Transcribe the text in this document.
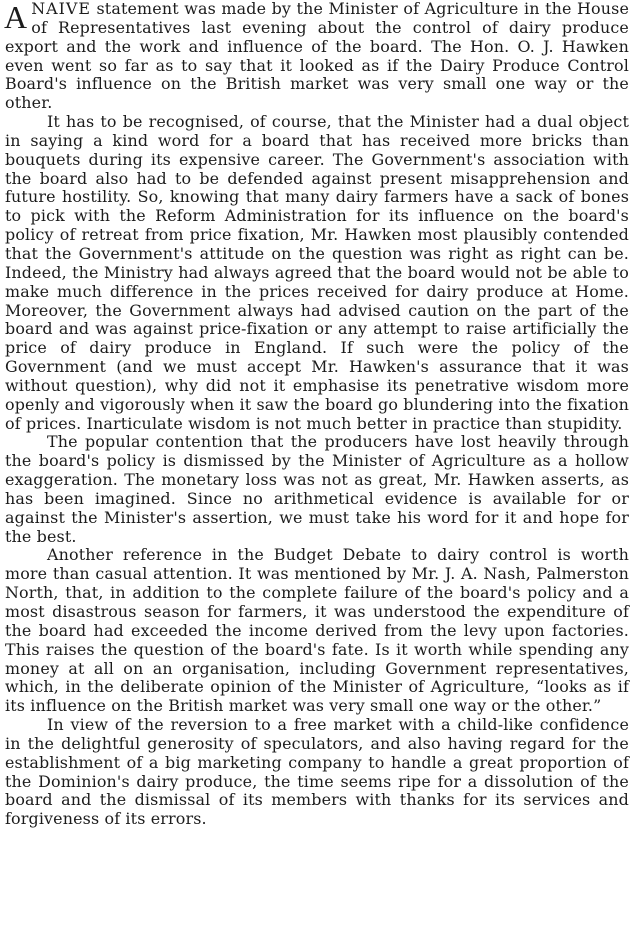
ANAIVE statement was made by the Minister of Agriculture in the House of Representatives last evening about the control of dairy produce export and the work and influence of the board. The Hon. O. J. Hawken even went so far as to say that it looked as if the Dairy Produce Control Board's influence on the British market was very small one way or the other.

It has to be recognised, of course, that the Minister had a dual object in saying a kind word for a board that has received more bricks than bouquets during its expensive career. The Government's association with the board also had to be defended against present misapprehension and future hostility. So, knowing that many dairy farmers have a sack of bones to pick with the Reform Administration for its influence on the board's policy of retreat from price fixation, Mr. Hawken most plausibly contended that the Government's attitude on the question was right as right can be. Indeed, the Ministry had always agreed that the board would not be able to make much difference in the prices received for dairy produce at Home. Moreover, the Government always had advised caution on the part of the board and was against price-fixation or any attempt to raise artificially the price of dairy produce in England. If such were the policy of the Government (and we must accept Mr. Hawken's assurance that it was without question), why did not it emphasise its penetrative wisdom more openly and vigorously when it saw the board go blundering into the fixation of prices. Inarticulate wisdom is not much better in practice than stupidity.

The popular contention that the producers have lost heavily through the board's policy is dismissed by the Minister of Agriculture as a hollow exaggeration. The monetary loss was not as great, Mr. Hawken asserts, as has been imagined. Since no arithmetical evidence is available for or against the Minister's assertion, we must take his word for it and hope for the best.

Another reference in the Budget Debate to dairy control is worth more than casual attention. It was mentioned by Mr. J. A. Nash, Palmerston North, that, in addition to the complete failure of the board's policy and a most disastrous season for farmers, it was understood the expenditure of the board had exceeded the income derived from the levy upon factories. This raises the question of the board's fate. Is it worth while spending any money at all on an organisation, including Government representatives, which, in the deliberate opinion of the Minister of Agriculture, “looks as if its influence on the British market was very small one way or the other.”

In view of the reversion to a free market with a child-like confidence in the delightful generosity of speculators, and also having regard for the establishment of a big marketing company to handle a great proportion of the Dominion's dairy produce, the time seems ripe for a dissolution of the board and the dismissal of its members with thanks for its services and forgiveness of its errors.
